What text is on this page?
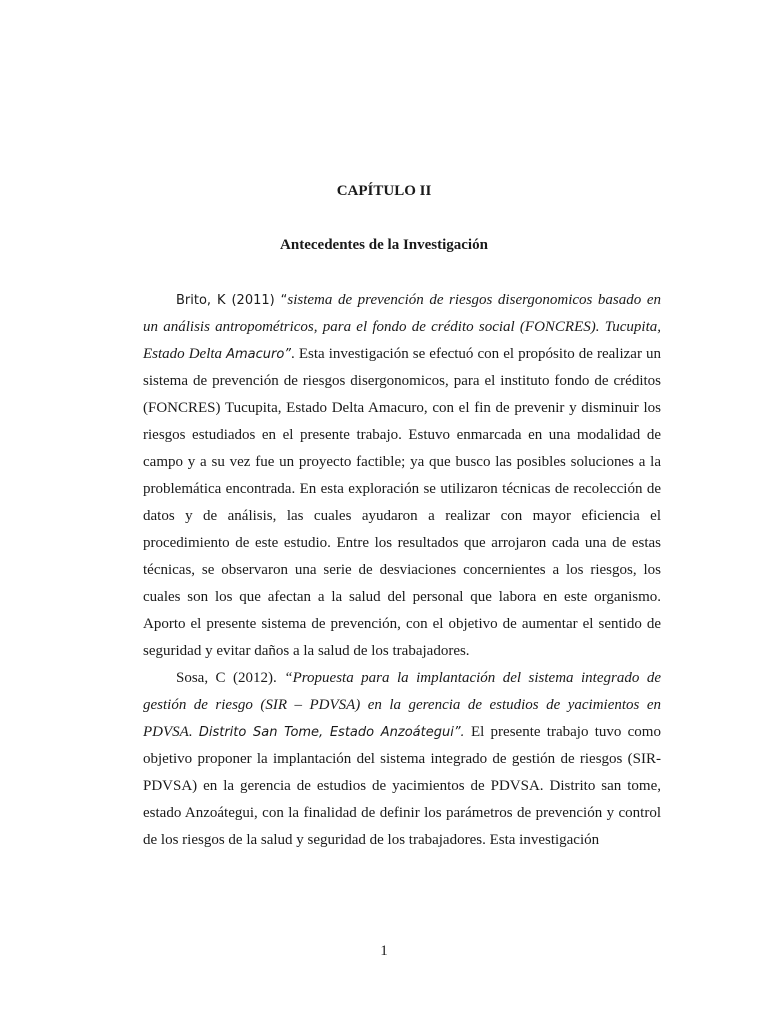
CAPÍTULO II
Antecedentes de la Investigación

Brito, K (2011) “sistema de prevención de riesgos disergonomicos basado en un análisis antropométricos, para el fondo de crédito social (FONCRES). Tucupita, Estado Delta Amacuro”. Esta investigación se efectuó con el propósito de realizar un sistema de prevención de riesgos disergonomicos, para el instituto fondo de créditos (FONCRES) Tucupita, Estado Delta Amacuro, con el fin de prevenir y disminuir los riesgos estudiados en el presente trabajo. Estuvo enmarcada en una modalidad de campo y a su vez fue un proyecto factible; ya que busco las posibles soluciones a la problemática encontrada. En esta exploración se utilizaron técnicas de recolección de datos y de análisis, las cuales ayudaron a realizar con mayor eficiencia el procedimiento de este estudio. Entre los resultados que arrojaron cada una de estas técnicas, se observaron una serie de desviaciones concernientes a los riesgos, los cuales son los que afectan a la salud del personal que labora en este organismo. Aporto el presente sistema de prevención, con el objetivo de aumentar el sentido de seguridad y evitar daños a la salud de los trabajadores.

Sosa, C (2012). “Propuesta para la implantación del sistema integrado de gestión de riesgo (SIR – PDVSA) en la gerencia de estudios de yacimientos en PDVSA. Distrito San Tome, Estado Anzoátegui”. El presente trabajo tuvo como objetivo proponer la implantación del sistema integrado de gestión de riesgos (SIR-PDVSA) en la gerencia de estudios de yacimientos de PDVSA. Distrito san tome, estado Anzoátegui, con la finalidad de definir los parámetros de prevención y control de los riesgos de la salud y seguridad de los trabajadores. Esta investigación

1
